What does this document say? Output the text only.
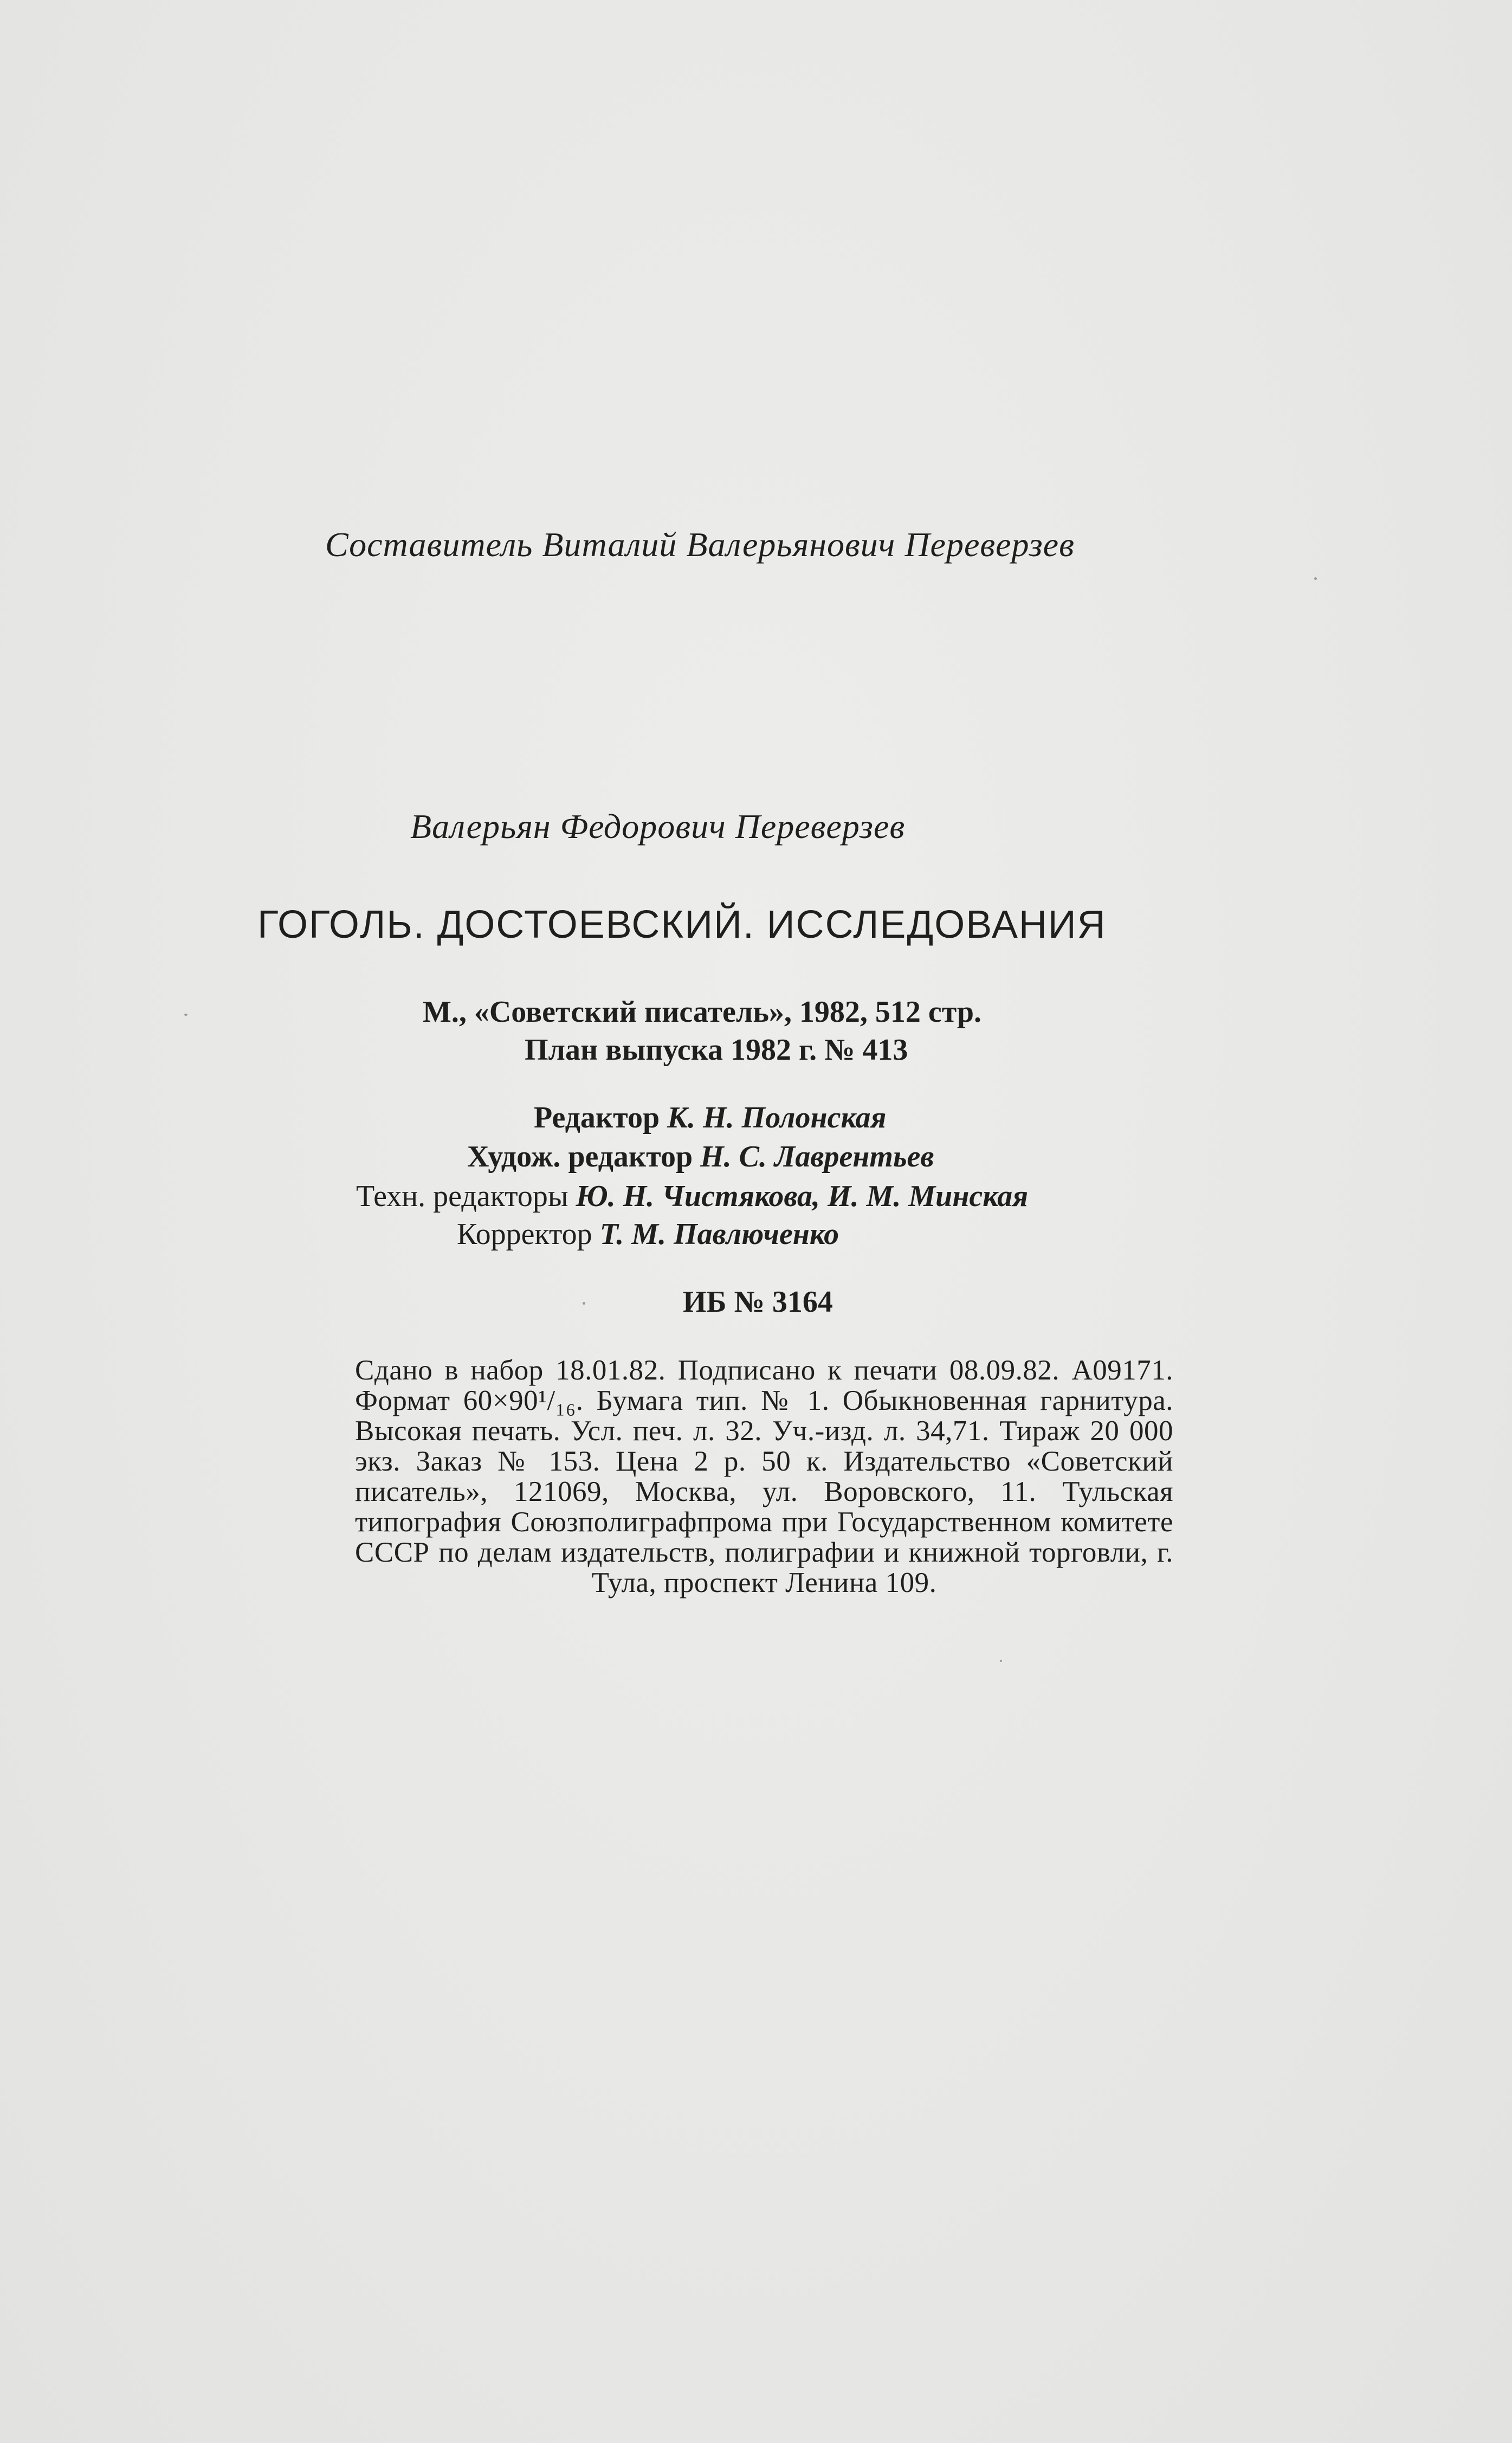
Составитель Виталий Валерьянович Переверзев
Валерьян Федорович Переверзев
ГОГОЛЬ. ДОСТОЕВСКИЙ. ИССЛЕДОВАНИЯ
М., «Советский писатель», 1982, 512 стр.
План выпуска 1982 г. № 413
Редактор К. Н. Полонская
Худож. редактор Н. С. Лаврентьев
Техн. редакторы Ю. Н. Чистякова, И. М. Минская
Корректор Т. М. Павлюченко
ИБ № 3164
Сдано в набор 18.01.82. Подписано к печати 08.09.82. А09171. Формат 60×90¹/₁₆. Бумага тип. № 1. Обыкновенная гарнитура. Высокая печать. Усл. печ. л. 32. Уч.-изд. л. 34,71. Тираж 20 000 экз. Заказ № 153. Цена 2 р. 50 к. Издательство «Советский писатель», 121069, Москва, ул. Воровского, 11. Тульская типография Союзполиграфпрома при Государственном комитете СССР по делам издательств, полиграфии и книжной торговли, г. Тула, проспект Ленина 109.
